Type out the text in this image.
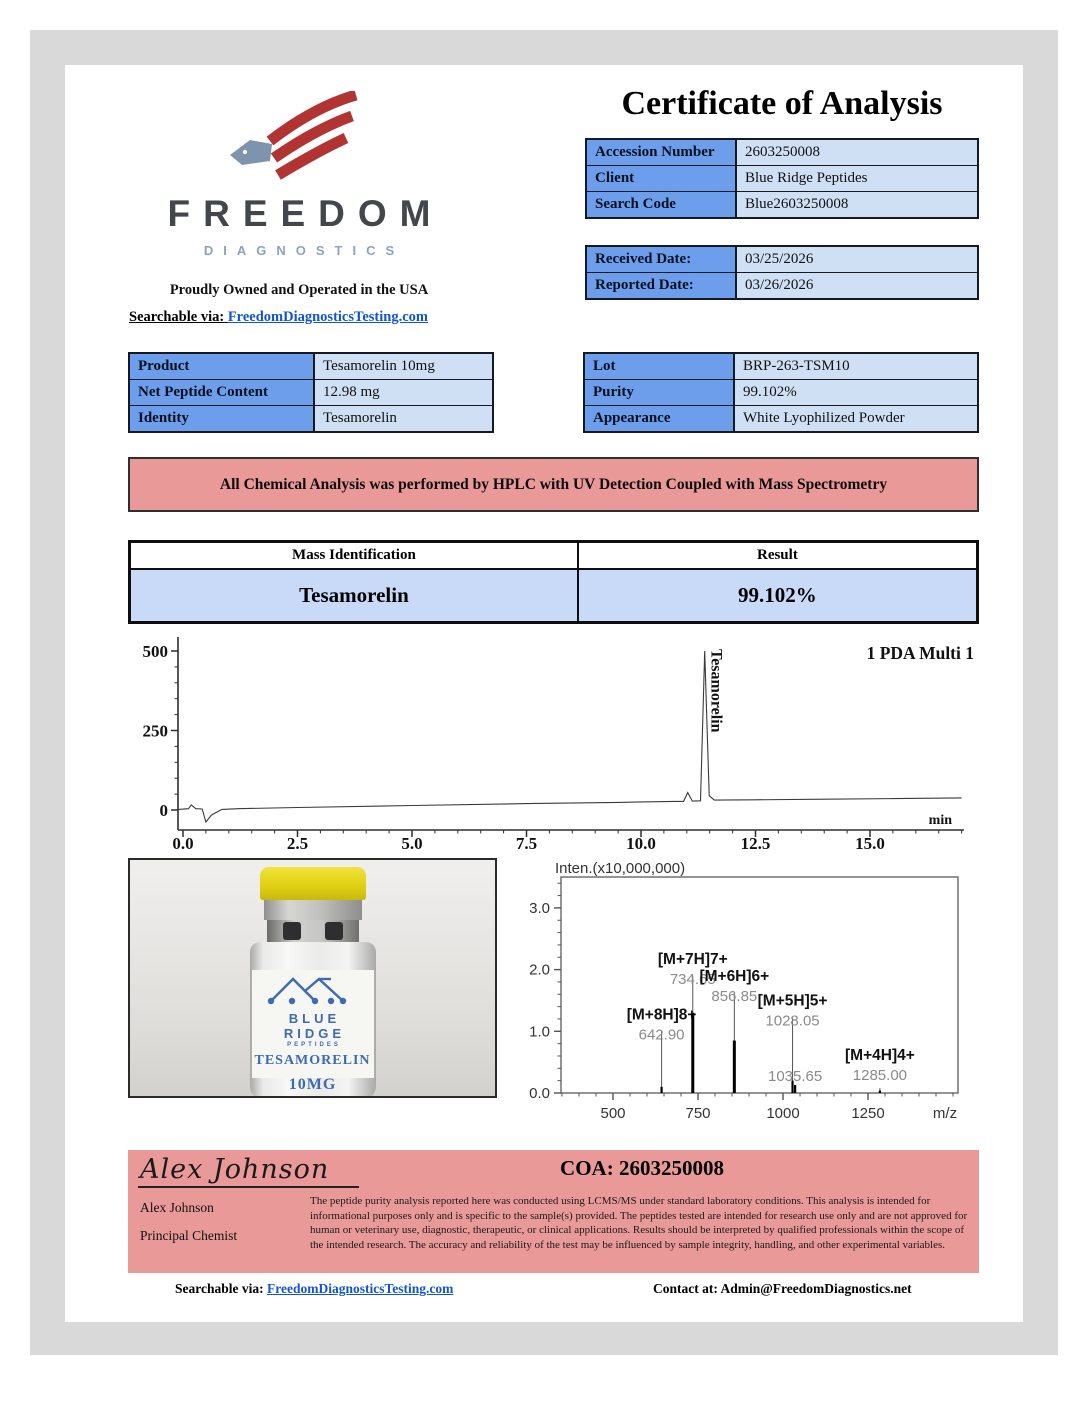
FREEDOM
DIAGNOSTICS
Proudly Owned and Operated in the USA
Searchable via: FreedomDiagnosticsTesting.com
Certificate of Analysis
Accession Number	2603250008
Client	Blue Ridge Peptides
Search Code	Blue2603250008
Received Date:	03/25/2026
Reported Date:	03/26/2026
Product	Tesamorelin 10mg
Net Peptide Content	12.98 mg
Identity	Tesamorelin
Lot	BRP-263-TSM10
Purity	99.102%
Appearance	White Lyophilized Powder
All Chemical Analysis was performed by HPLC with UV Detection Coupled with Mass Spectrometry
Mass Identification	Result
Tesamorelin	99.102%
0
250
500
0.0	2.5	5.0	7.5	10.0	12.5	15.0
min
1 PDA Multi 1
Tesamorelin
BLUE RIDGE
PEPTIDES
TESAMORELIN
10MG
Inten.(x10,000,000)
0.0
1.0
2.0
3.0
500	750	1000	1250	m/z
[M+8H]8+
642.90
[M+7H]7+
734.65
[M+6H]6+
856.85 [M+5H]5+
1028.05
1035.65
[M+4H]4+
1285.00
Alex Johnson
Alex Johnson
Principal Chemist
COA: 2603250008
The peptide purity analysis reported here was conducted using LCMS/MS under standard laboratory conditions. This analysis is intended for informational purposes only and is specific to the sample(s) provided. The peptides tested are intended for research use only and are not approved for human or veterinary use, diagnostic, therapeutic, or clinical applications. Results should be interpreted by qualified professionals within the scope of the intended research. The accuracy and reliability of the test may be influenced by sample integrity, handling, and other experimental variables.
Searchable via: FreedomDiagnosticsTesting.com	Contact at: Admin@FreedomDiagnostics.net
